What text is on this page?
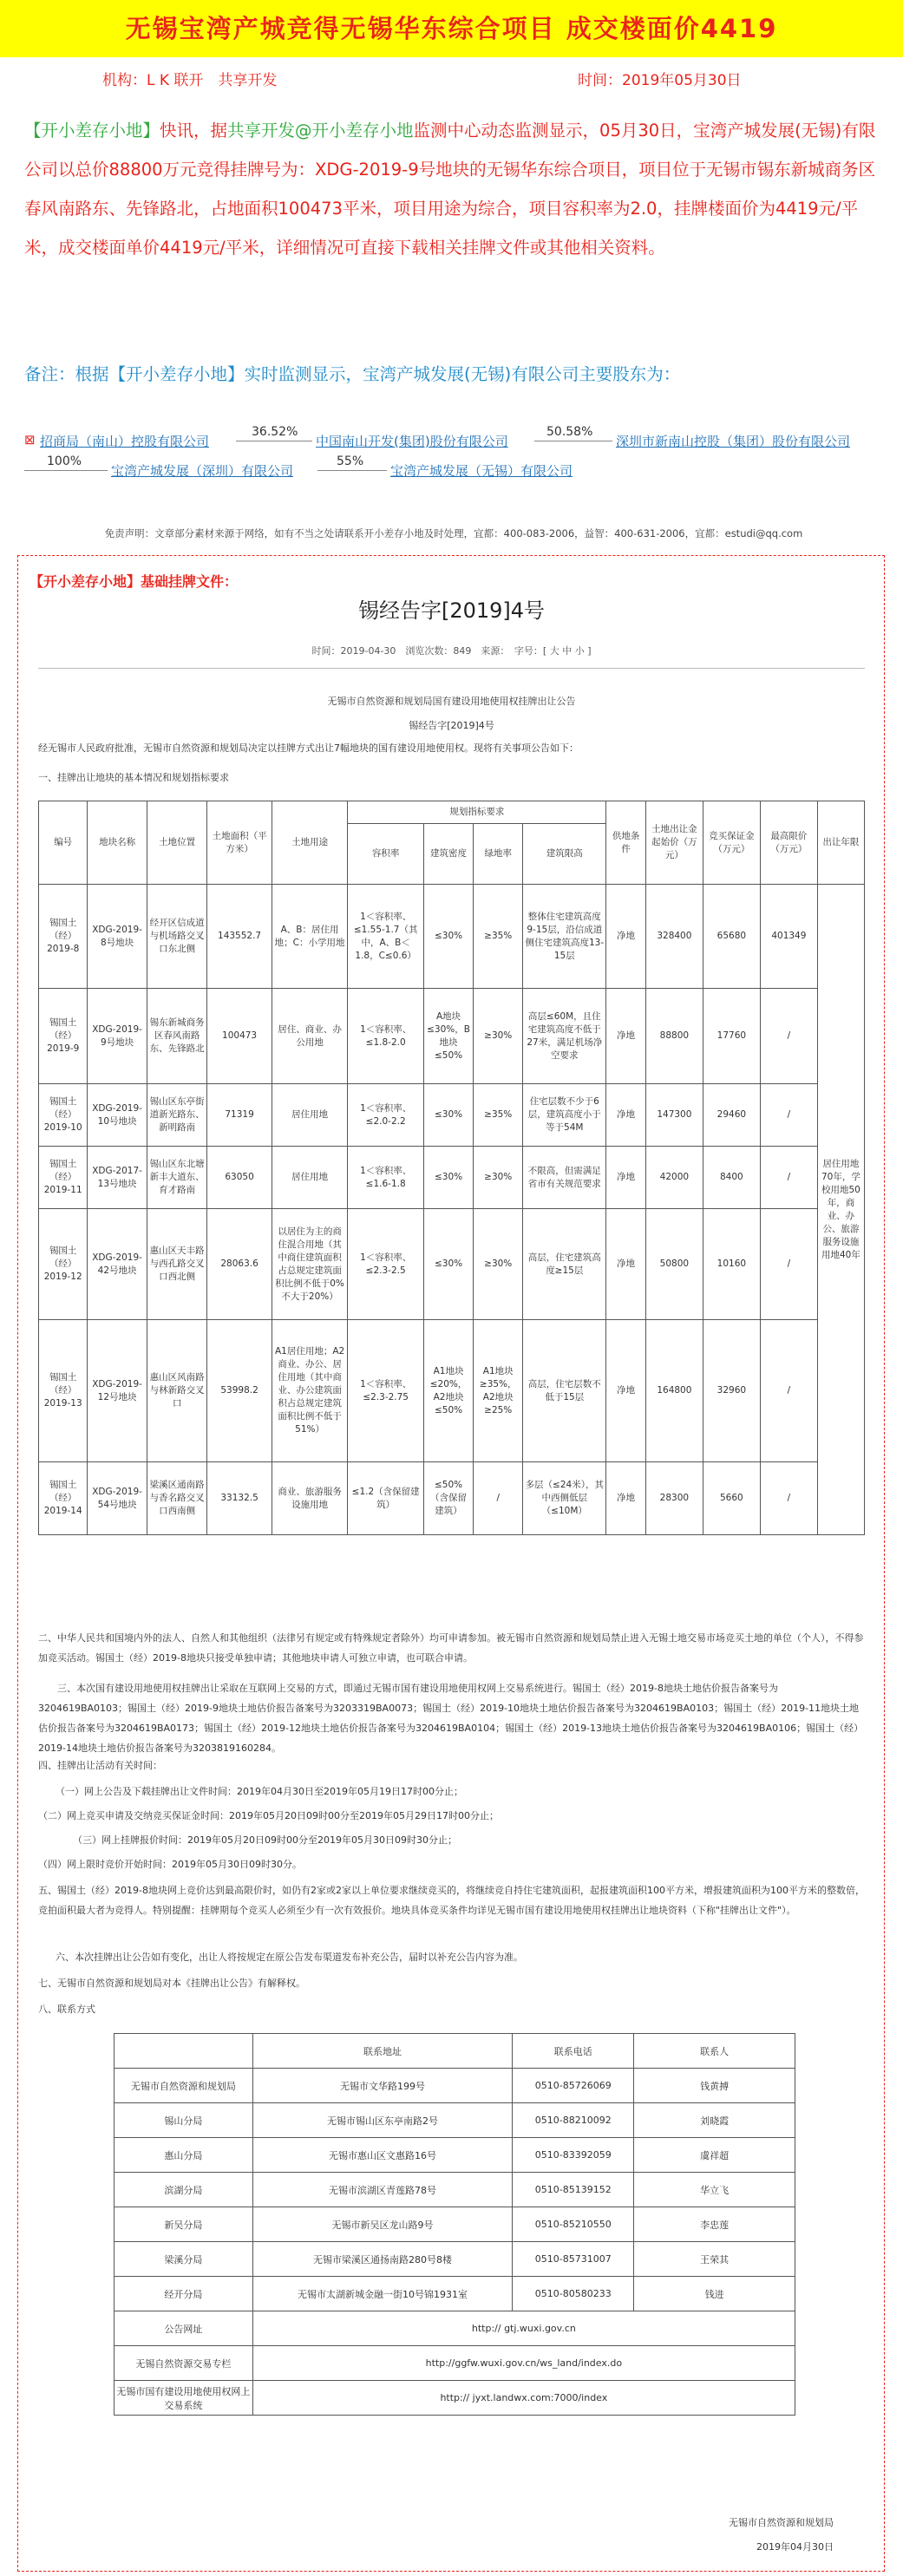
无锡宝湾产城竞得无锡华东综合项目 成交楼面价4419
机构：L K 联开　共享开发	时间：2019年05月30日
【开小差存小地】快讯，据共享开发@开小差存小地监测中心动态监测显示，05月30日，宝湾产城发展(无锡)有限公司以总价88800万元竞得挂牌号为：XDG-2019-9号地块的无锡华东综合项目，项目位于无锡市锡东新城商务区春风南路东、先锋路北，占地面积100473平米，项目用途为综合，项目容积率为2.0，挂牌楼面价为4419元/平米，成交楼面单价4419元/平米，详细情况可直接下载相关挂牌文件或其他相关资料。
备注：根据【开小差存小地】实时监测显示，宝湾产城发展(无锡)有限公司主要股东为：
⊠ 招商局（南山）控股有限公司
36.52%
中国南山开发(集团)股份有限公司
50.58%
深圳市新南山控股（集团）股份有限公司
100%
宝湾产城发展（深圳）有限公司
55%
宝湾产城发展（无锡）有限公司
免责声明：文章部分素材来源于网络，如有不当之处请联系开小差存小地及时处理，宜都：400-083-2006，益智：400-631-2006，宜都：estudi@qq.com
【开小差存小地】基础挂牌文件：
锡经告字[2019]4号
时间：2019-04-30　浏览次数：849　来源：　字号：[ 大 中 小 ]
无锡市自然资源和规划局国有建设用地使用权挂牌出让公告
锡经告字[2019]4号
经无锡市人民政府批准，无锡市自然资源和规划局决定以挂牌方式出让7幅地块的国有建设用地使用权。现将有关事项公告如下：
一、挂牌出让地块的基本情况和规划指标要求
编号	地块名称	土地位置	土地面积（平方米）	土地用途	规划指标要求				供地条件	土地出让金起始价（万元）	竞买保证金（万元）	最高限价（万元）	出让年限
					容积率	建筑密度	绿地率	建筑限高					
锡国土（经）2019-8	XDG-2019-8号地块	经开区信成道与机场路交叉口东北侧	143552.7	A、B：居住用地；C：小学用地	1＜容积率、≤1.55-1.7（其中，A、B＜1.8，C≤0.6）	≤30%	≥35%	整体住宅建筑高度9-15层，沿信成道侧住宅建筑高度13-15层	净地	328400	65680	401349	居住用地70年，学校用地50年，商业、办公、旅游服务设施用地40年
锡国土（经）2019-9	XDG-2019-9号地块	锡东新城商务区春风南路东、先锋路北	100473	居住、商业、办公用地	1＜容积率、≤1.8-2.0	A地块≤30%，B地块≤50%	≥30%	高层≤60M，且住宅建筑高度不低于27米，满足机场净空要求	净地	88800	17760	/	
锡国土（经）2019-10	XDG-2019-10号地块	锡山区东亭街道新光路东、新明路南	71319	居住用地	1＜容积率、≤2.0-2.2	≤30%	≥35%	住宅层数不少于6层，建筑高度小于等于54M	净地	147300	29460	/	
锡国土（经）2019-11	XDG-2017-13号地块	锡山区东北塘新丰大道东、育才路南	63050	居住用地	1＜容积率、≤1.6-1.8	≤30%	≥30%	不限高，但需满足省市有关规范要求	净地	42000	8400	/	
锡国土（经）2019-12	XDG-2019-42号地块	惠山区天丰路与西孔路交叉口西北侧	28063.6	以居住为主的商住混合用地（其中商住建筑面积占总规定建筑面积比例不低于0%不大于20%）	1＜容积率、≤2.3-2.5	≤30%	≥30%	高层，住宅建筑高度≥15层	净地	50800	10160	/	
锡国土（经）2019-13	XDG-2019-12号地块	惠山区风南路与林新路交叉口	53998.2	A1居住用地；A2商业、办公、居住用地（其中商业、办公建筑面积占总规定建筑面积比例不低于51%）	1＜容积率、≤2.3-2.75	A1地块≤20%，A2地块≤50%	A1地块≥35%，A2地块≥25%	高层，住宅层数不低于15层	净地	164800	32960	/	
锡国土（经）2019-14	XDG-2019-54号地块	梁溪区通南路与香名路交叉口西南侧	33132.5	商业、旅游服务设施用地	≤1.2（含保留建筑）	≤50%（含保留建筑）	/	多层（≤24米），其中西侧低层（≤10M）	净地	28300	5660	/	
二、中华人民共和国境内外的法人、自然人和其他组织（法律另有规定或有特殊规定者除外）均可申请参加。被无锡市自然资源和规划局禁止进入无锡土地交易市场竞买土地的单位（个人），不得参加竞买活动。锡国土（经）2019-8地块只接受单独申请；其他地块申请人可独立申请，也可联合申请。
三、本次国有建设用地使用权挂牌出让采取在互联网上交易的方式，即通过无锡市国有建设用地使用权网上交易系统进行。锡国土（经）2019-8地块土地估价报告备案号为3204619BA0103；锡国土（经）2019-9地块土地估价报告备案号为3203319BA0073；锡国土（经）2019-10地块土地估价报告备案号为3204619BA0103；锡国土（经）2019-11地块土地估价报告备案号为3204619BA0173；锡国土（经）2019-12地块土地估价报告备案号为3204619BA0104；锡国土（经）2019-13地块土地估价报告备案号为3204619BA0106；锡国土（经）2019-14地块土地估价报告备案号为3203819160284。
四、挂牌出让活动有关时间：
（一）网上公告及下载挂牌出让文件时间：2019年04月30日至2019年05月19日17时00分止；
（二）网上竞买申请及交纳竞买保证金时间：2019年05月20日09时00分至2019年05月29日17时00分止；
（三）网上挂牌报价时间：2019年05月20日09时00分至2019年05月30日09时30分止；
（四）网上限时竞价开始时间：2019年05月30日09时30分。
五、锡国土（经）2019-8地块网上竞价达到最高限价时，如仍有2家或2家以上单位要求继续竞买的，将继续竞自持住宅建筑面积，起报建筑面积100平方米，增报建筑面积为100平方米的整数倍，竞拍面积最大者为竞得人。特别提醒：挂牌期每个竞买人必须至少有一次有效报价。地块具体竞买条件均详见无锡市国有建设用地使用权挂牌出让地块资料（下称"挂牌出让文件"）。
六、本次挂牌出让公告如有变化，出让人将按规定在原公告发布渠道发布补充公告，届时以补充公告内容为准。
七、无锡市自然资源和规划局对本《挂牌出让公告》有解释权。
八、联系方式
	联系地址	联系电话	联系人
无锡市自然资源和规划局	无锡市文华路199号	0510-85726069	钱黄搏
锡山分局	无锡市锡山区东亭南路2号	0510-88210092	刘晓霞
惠山分局	无锡市惠山区文惠路16号	0510-83392059	虞祥超
滨湖分局	无锡市滨湖区青莲路78号	0510-85139152	华立飞
新吴分局	无锡市新吴区龙山路9号	0510-85210550	李忠莲
梁溪分局	无锡市梁溪区通扬南路280号8楼	0510-85731007	王荣其
经开分局	无锡市太湖新城金融一街10号锦1931室	0510-80580233	钱进
公告网址	http:// gtj.wuxi.gov.cn		
无锡自然资源交易专栏	http://ggfw.wuxi.gov.cn/ws_land/index.do		
无锡市国有建设用地使用权网上交易系统	http:// jyxt.landwx.com:7000/index		
无锡市自然资源和规划局
2019年04月30日
